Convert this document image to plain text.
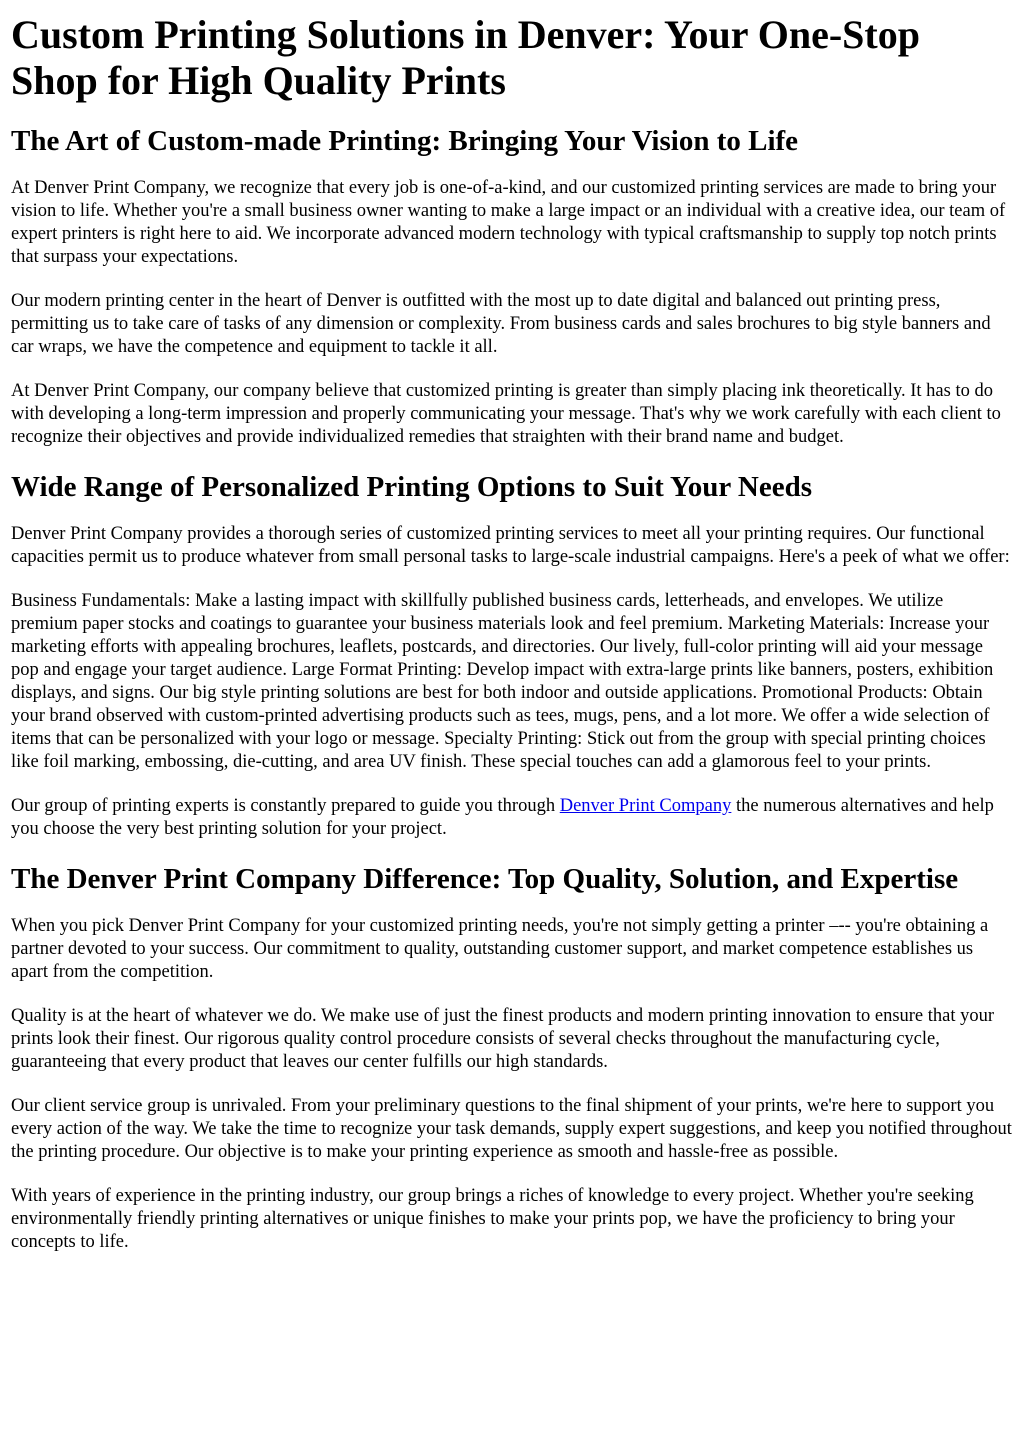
Custom Printing Solutions in Denver: Your One-Stop Shop for High Quality Prints
The Art of Custom-made Printing: Bringing Your Vision to Life

At Denver Print Company, we recognize that every job is one-of-a-kind, and our customized printing services are made to bring your vision to life. Whether you're a small business owner wanting to make a large impact or an individual with a creative idea, our team of expert printers is right here to aid. We incorporate advanced modern technology with typical craftsmanship to supply top notch prints that surpass your expectations.

Our modern printing center in the heart of Denver is outfitted with the most up to date digital and balanced out printing press, permitting us to take care of tasks of any dimension or complexity. From business cards and sales brochures to big style banners and car wraps, we have the competence and equipment to tackle it all.

At Denver Print Company, our company believe that customized printing is greater than simply placing ink theoretically. It has to do with developing a long-term impression and properly communicating your message. That's why we work carefully with each client to recognize their objectives and provide individualized remedies that straighten with their brand name and budget.

Wide Range of Personalized Printing Options to Suit Your Needs

Denver Print Company provides a thorough series of customized printing services to meet all your printing requires. Our functional capacities permit us to produce whatever from small personal tasks to large-scale industrial campaigns. Here's a peek of what we offer:

Business Fundamentals: Make a lasting impact with skillfully published business cards, letterheads, and envelopes. We utilize premium paper stocks and coatings to guarantee your business materials look and feel premium. Marketing Materials: Increase your marketing efforts with appealing brochures, leaflets, postcards, and directories. Our lively, full-color printing will aid your message pop and engage your target audience. Large Format Printing: Develop impact with extra-large prints like banners, posters, exhibition displays, and signs. Our big style printing solutions are best for both indoor and outside applications. Promotional Products: Obtain your brand observed with custom-printed advertising products such as tees, mugs, pens, and a lot more. We offer a wide selection of items that can be personalized with your logo or message. Specialty Printing: Stick out from the group with special printing choices like foil marking, embossing, die-cutting, and area UV finish. These special touches can add a glamorous feel to your prints.

Our group of printing experts is constantly prepared to guide you through Denver Print Company the numerous alternatives and help you choose the very best printing solution for your project.

The Denver Print Company Difference: Top Quality, Solution, and Expertise

When you pick Denver Print Company for your customized printing needs, you're not simply getting a printer –-- you're obtaining a partner devoted to your success. Our commitment to quality, outstanding customer support, and market competence establishes us apart from the competition.

Quality is at the heart of whatever we do. We make use of just the finest products and modern printing innovation to ensure that your prints look their finest. Our rigorous quality control procedure consists of several checks throughout the manufacturing cycle, guaranteeing that every product that leaves our center fulfills our high standards.

Our client service group is unrivaled. From your preliminary questions to the final shipment of your prints, we're here to support you every action of the way. We take the time to recognize your task demands, supply expert suggestions, and keep you notified throughout the printing procedure. Our objective is to make your printing experience as smooth and hassle-free as possible.

With years of experience in the printing industry, our group brings a riches of knowledge to every project. Whether you're seeking environmentally friendly printing alternatives or unique finishes to make your prints pop, we have the proficiency to bring your concepts to life.
